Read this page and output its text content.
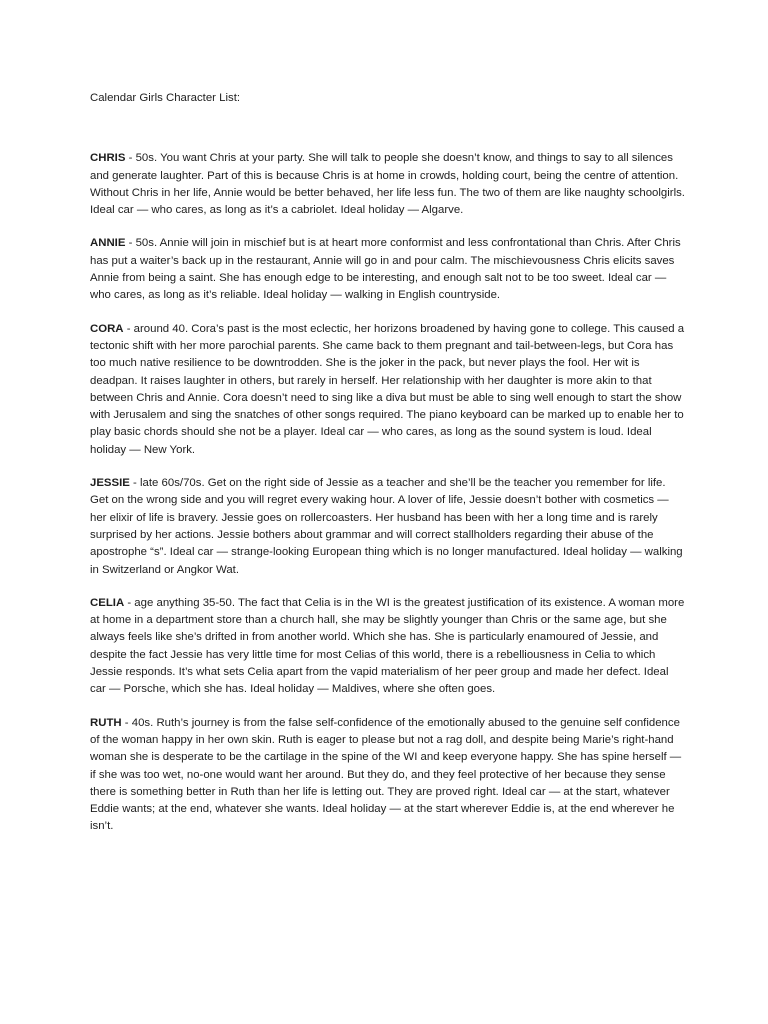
Calendar Girls Character List:

CHRIS - 50s. You want Chris at your party. She will talk to people she doesn’t know, and things to say to all silences and generate laughter. Part of this is because Chris is at home in crowds, holding court, being the centre of attention. Without Chris in her life, Annie would be better behaved, her life less fun. The two of them are like naughty schoolgirls. Ideal car — who cares, as long as it’s a cabriolet. Ideal holiday — Algarve.

ANNIE - 50s. Annie will join in mischief but is at heart more conformist and less confrontational than Chris. After Chris has put a waiter’s back up in the restaurant, Annie will go in and pour calm. The mischievousness Chris elicits saves Annie from being a saint. She has enough edge to be interesting, and enough salt not to be too sweet. Ideal car — who cares, as long as it’s reliable. Ideal holiday — walking in English countryside.

CORA - around 40. Cora’s past is the most eclectic, her horizons broadened by having gone to college. This caused a tectonic shift with her more parochial parents. She came back to them pregnant and tail-between-legs, but Cora has too much native resilience to be downtrodden. She is the joker in the pack, but never plays the fool. Her wit is deadpan. It raises laughter in others, but rarely in herself. Her relationship with her daughter is more akin to that between Chris and Annie. Cora doesn’t need to sing like a diva but must be able to sing well enough to start the show with Jerusalem and sing the snatches of other songs required. The piano keyboard can be marked up to enable her to play basic chords should she not be a player. Ideal car — who cares, as long as the sound system is loud. Ideal holiday — New York.

JESSIE - late 60s/70s. Get on the right side of Jessie as a teacher and she’ll be the teacher you remember for life. Get on the wrong side and you will regret every waking hour. A lover of life, Jessie doesn’t bother with cosmetics — her elixir of life is bravery. Jessie goes on rollercoasters. Her husband has been with her a long time and is rarely surprised by her actions. Jessie bothers about grammar and will correct stallholders regarding their abuse of the apostrophe “s”. Ideal car — strange-looking European thing which is no longer manufactured. Ideal holiday — walking in Switzerland or Angkor Wat.

CELIA - age anything 35-50. The fact that Celia is in the WI is the greatest justification of its existence. A woman more at home in a department store than a church hall, she may be slightly younger than Chris or the same age, but she always feels like she’s drifted in from another world. Which she has. She is particularly enamoured of Jessie, and despite the fact Jessie has very little time for most Celias of this world, there is a rebelliousness in Celia to which Jessie responds. It’s what sets Celia apart from the vapid materialism of her peer group and made her defect. Ideal car — Porsche, which she has. Ideal holiday — Maldives, where she often goes.

RUTH - 40s. Ruth’s journey is from the false self-confidence of the emotionally abused to the genuine self confidence of the woman happy in her own skin. Ruth is eager to please but not a rag doll, and despite being Marie’s right-hand woman she is desperate to be the cartilage in the spine of the WI and keep everyone happy. She has spine herself — if she was too wet, no-one would want her around. But they do, and they feel protective of her because they sense there is something better in Ruth than her life is letting out. They are proved right. Ideal car — at the start, whatever Eddie wants; at the end, whatever she wants. Ideal holiday — at the start wherever Eddie is, at the end wherever he isn’t.
